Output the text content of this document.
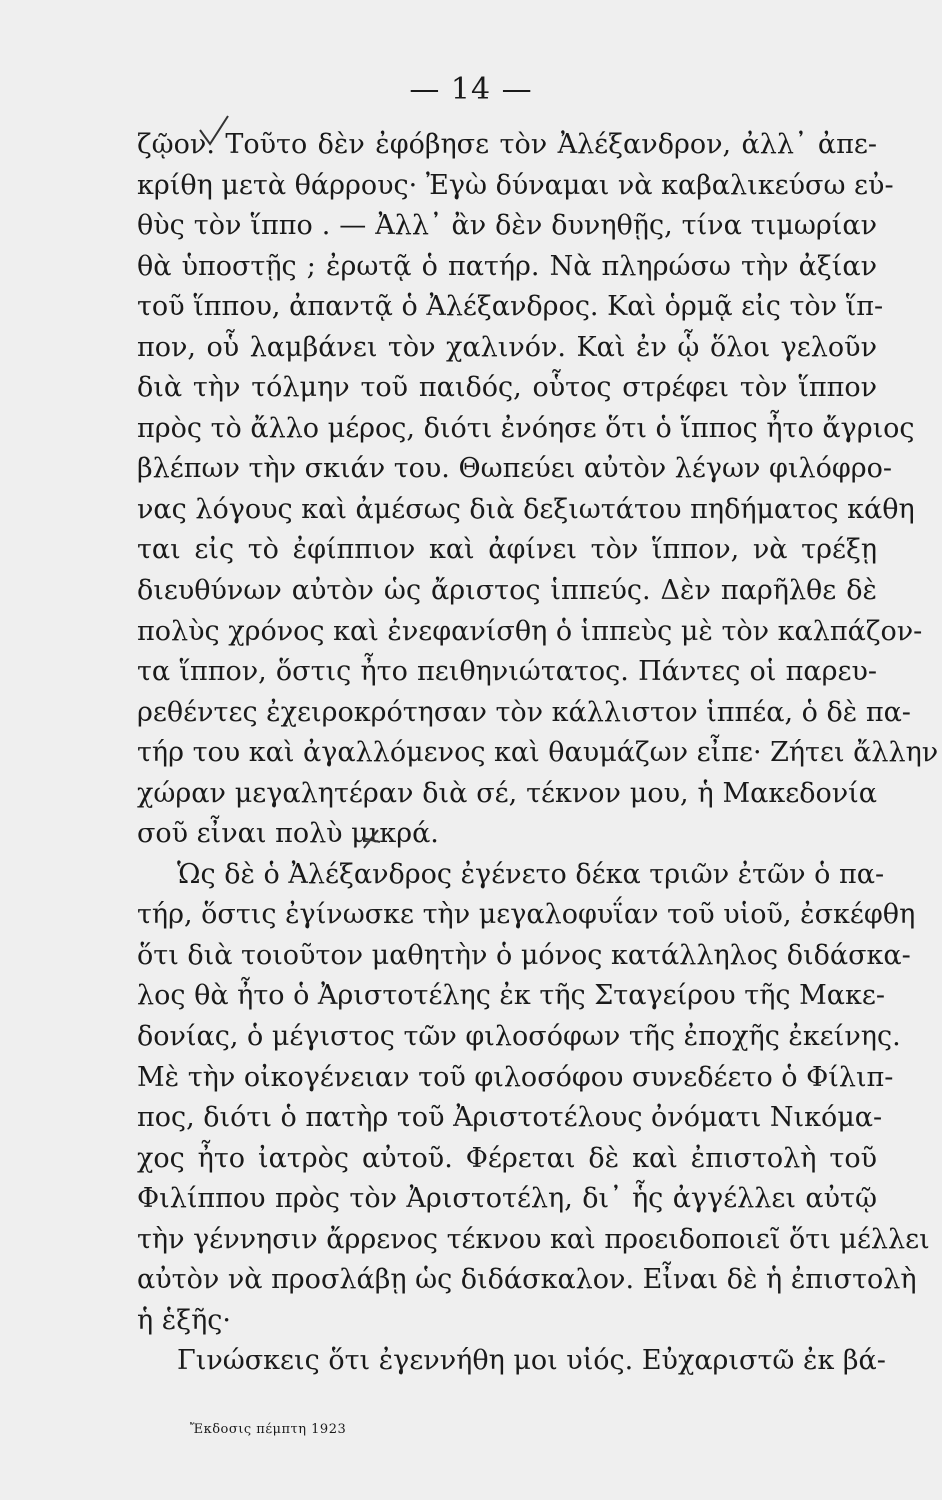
— 14 —
ζῷον. Τοῦτο δὲν ἐφόβησε τὸν Ἀλέξανδρον, ἀλλ᾽ ἀπε-
κρίθη μετὰ θάρρους· Ἐγὼ δύναμαι νὰ καβαλικεύσω εὐ-
θὺς τὸν ἵππο . — Ἀλλ᾽ ἂν δὲν δυνηθῇς, τίνα τιμωρίαν
θὰ ὑποστῇς ; ἐρωτᾷ ὁ πατήρ. Νὰ πληρώσω τὴν ἀξίαν
τοῦ ἵππου, ἀπαντᾷ ὁ Ἀλέξανδρος. Καὶ ὁρμᾷ εἰς τὸν ἵπ-
πον, οὗ λαμβάνει τὸν χαλινόν. Καὶ ἐν ᾧ ὅλοι γελοῦν
διὰ τὴν τόλμην τοῦ παιδός, οὗτος στρέφει τὸν ἵππον
πρὸς τὸ ἄλλο μέρος, διότι ἐνόησε ὅτι ὁ ἵππος ἦτο ἄγριος
βλέπων τὴν σκιάν του. Θωπεύει αὐτὸν λέγων φιλόφρο-
νας λόγους καὶ ἀμέσως διὰ δεξιωτάτου πηδήματος κάθη
ται εἰς τὸ ἐφίππιον καὶ ἀφίνει τὸν ἵππον, νὰ τρέξῃ
διευθύνων αὐτὸν ὡς ἄριστος ἱππεύς. Δὲν παρῆλθε δὲ
πολὺς χρόνος καὶ ἐνεφανίσθη ὁ ἱππεὺς μὲ τὸν καλπάζον-
τα ἵππον, ὅστις ἦτο πειθηνιώτατος. Πάντες οἱ παρευ-
ρεθέντες ἐχειροκρότησαν τὸν κάλλιστον ἱππέα, ὁ δὲ πα-
τήρ του καὶ ἀγαλλόμενος καὶ θαυμάζων εἶπε· Ζήτει ἄλλην
χώραν μεγαλητέραν διὰ σέ, τέκνον μου, ἡ Μακεδονία
σοῦ εἶναι πολὺ μικρά.
Ὡς δὲ ὁ Ἀλέξανδρος ἐγένετο δέκα τριῶν ἐτῶν ὁ πα-
τήρ, ὅστις ἐγίνωσκε τὴν μεγαλοφυΐαν τοῦ υἱοῦ, ἐσκέφθη
ὅτι διὰ τοιοῦτον μαθητὴν ὁ μόνος κατάλληλος διδάσκα-
λος θὰ ἦτο ὁ Ἀριστοτέλης ἐκ τῆς Σταγείρου τῆς Μακε-
δονίας, ὁ μέγιστος τῶν φιλοσόφων τῆς ἐποχῆς ἐκείνης.
Μὲ τὴν οἰκογένειαν τοῦ φιλοσόφου συνεδέετο ὁ Φίλιπ-
πος, διότι ὁ πατὴρ τοῦ Ἀριστοτέλους ὀνόματι Νικόμα-
χος ἦτο ἰατρὸς αὐτοῦ. Φέρεται δὲ καὶ ἐπιστολὴ τοῦ
Φιλίππου πρὸς τὸν Ἀριστοτέλη, δι᾽ ἧς ἀγγέλλει αὐτῷ
τὴν γέννησιν ἄρρενος τέκνου καὶ προειδοποιεῖ ὅτι μέλλει
αὐτὸν νὰ προσλάβῃ ὡς διδάσκαλον. Εἶναι δὲ ἡ ἐπιστολὴ
ἡ ἑξῆς·
Γινώσκεις ὅτι ἐγεννήθη μοι υἱός. Εὐχαριστῶ ἐκ βά-
Ἔκδοσις πέμπτη 1923
